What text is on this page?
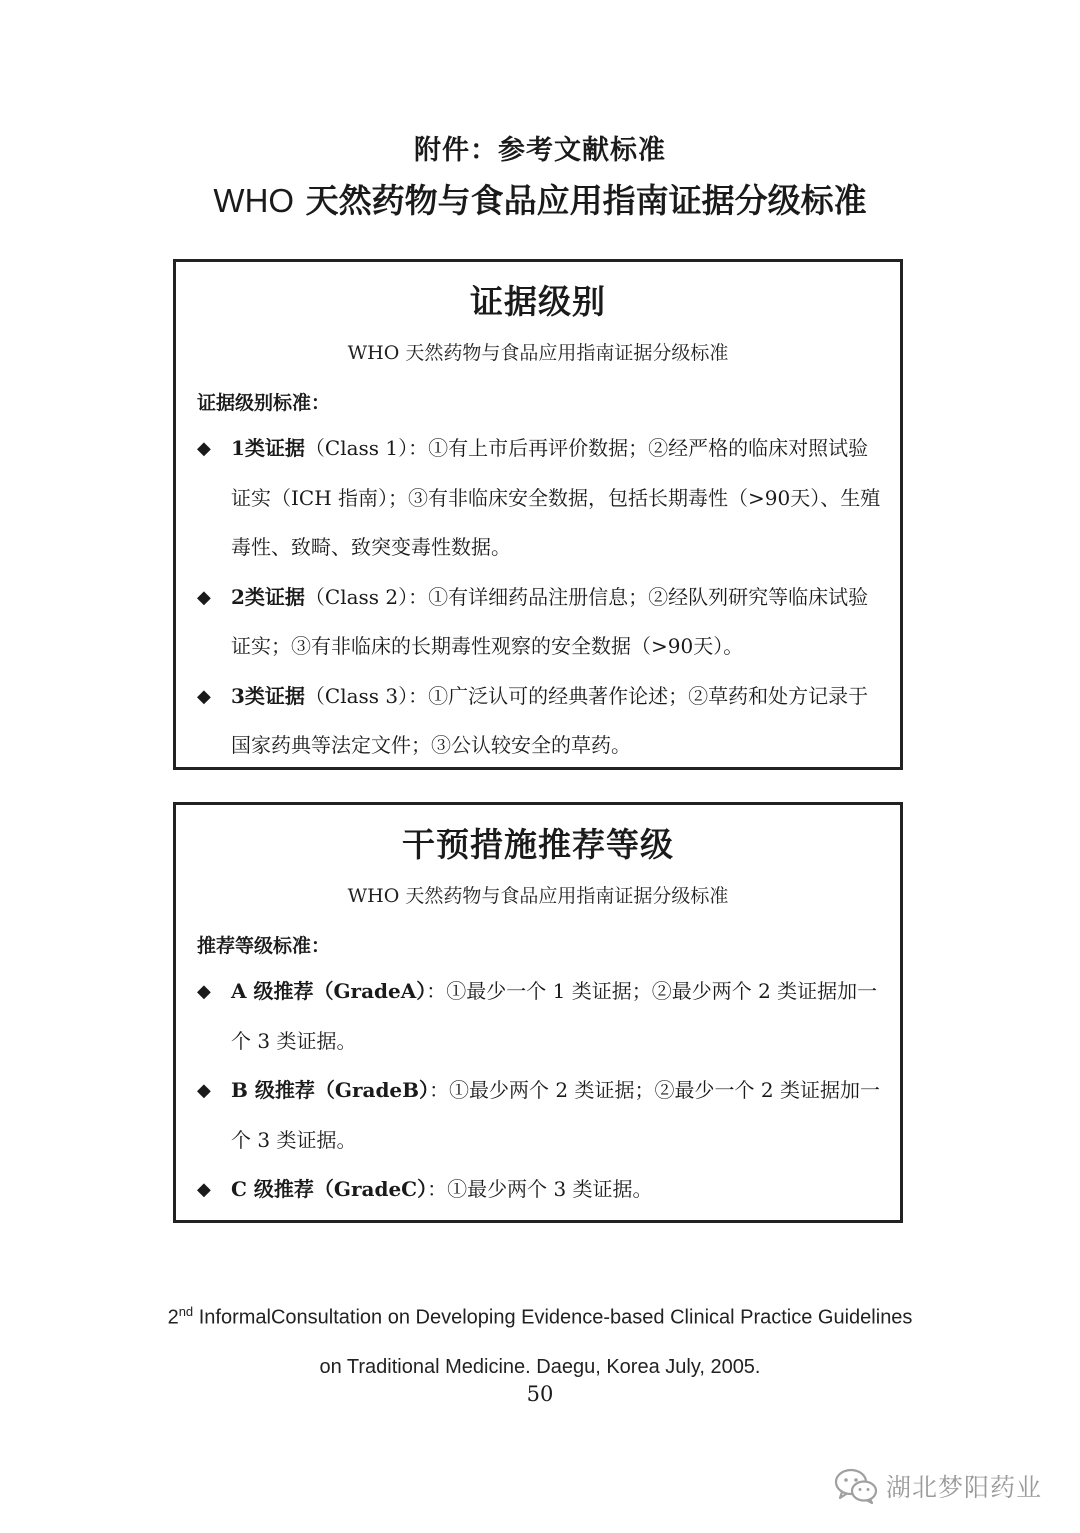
附件：参考文献标准
WHO 天然药物与食品应用指南证据分级标准
证据级别
WHO 天然药物与食品应用指南证据分级标准
证据级别标准：

◆ 1类证据（Class 1）：①有上市后再评价数据；②经严格的临床对照试验证实（ICH 指南）；③有非临床安全数据，包括长期毒性（>90天）、生殖毒性、致畸、致突变毒性数据。

◆ 2类证据（Class 2）：①有详细药品注册信息；②经队列研究等临床试验证实；③有非临床的长期毒性观察的安全数据（>90天）。

◆ 3类证据（Class 3）：①广泛认可的经典著作论述；②草药和处方记录于国家药典等法定文件；③公认较安全的草药。

干预措施推荐等级
WHO 天然药物与食品应用指南证据分级标准
推荐等级标准：

◆ A 级推荐（GradeA）：①最少一个 1 类证据；②最少两个 2 类证据加一个 3 类证据。

◆ B 级推荐（GradeB）：①最少两个 2 类证据；②最少一个 2 类证据加一个 3 类证据。

◆ C 级推荐（GradeC）：①最少两个 3 类证据。

2nd InformalConsultation on Developing Evidence-based Clinical Practice Guidelines
on Traditional Medicine. Daegu, Korea July, 2005.
50
湖北梦阳药业
